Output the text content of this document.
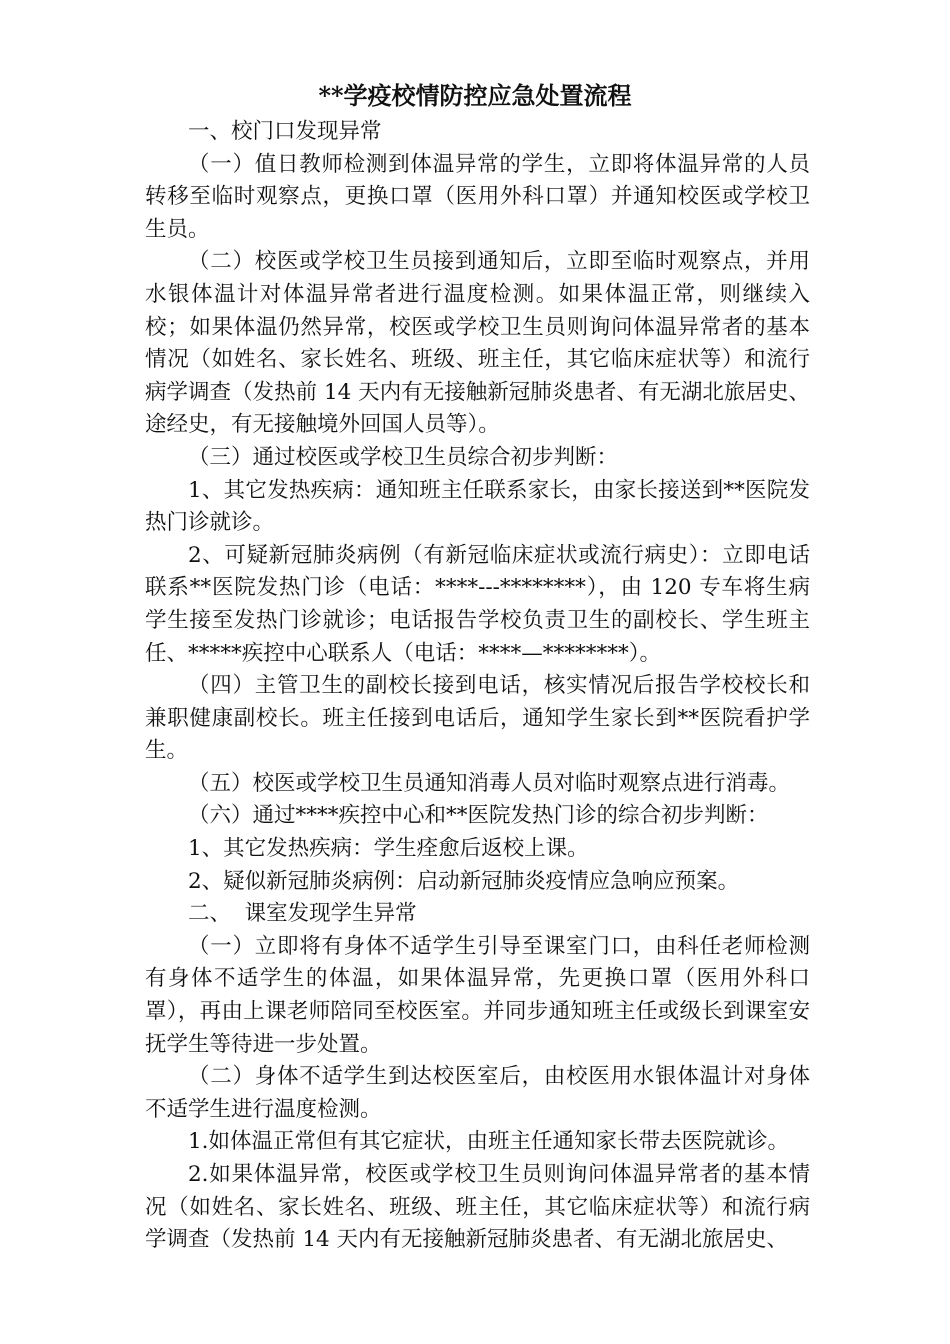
**学疫校情防控应急处置流程

一、校门口发现异常

（一）值日教师检测到体温异常的学生，立即将体温异常的人员转移至临时观察点，更换口罩（医用外科口罩）并通知校医或学校卫生员。

（二）校医或学校卫生员接到通知后，立即至临时观察点，并用水银体温计对体温异常者进行温度检测。如果体温正常，则继续入校；如果体温仍然异常，校医或学校卫生员则询问体温异常者的基本情况（如姓名、家长姓名、班级、班主任，其它临床症状等）和流行病学调查（发热前 14 天内有无接触新冠肺炎患者、有无湖北旅居史、途经史，有无接触境外回国人员等）。

（三）通过校医或学校卫生员综合初步判断：

1、其它发热疾病：通知班主任联系家长，由家长接送到**医院发热门诊就诊。

2、可疑新冠肺炎病例（有新冠临床症状或流行病史）：立即电话联系**医院发热门诊（电话：****---********），由 120 专车将生病学生接至发热门诊就诊；电话报告学校负责卫生的副校长、学生班主任、*****疾控中心联系人（电话：****—********）。

（四）主管卫生的副校长接到电话，核实情况后报告学校校长和兼职健康副校长。班主任接到电话后，通知学生家长到**医院看护学生。

（五）校医或学校卫生员通知消毒人员对临时观察点进行消毒。

（六）通过****疾控中心和**医院发热门诊的综合初步判断：

1、其它发热疾病：学生痊愈后返校上课。

2、疑似新冠肺炎病例：启动新冠肺炎疫情应急响应预案。

二、  课室发现学生异常

（一）立即将有身体不适学生引导至课室门口，由科任老师检测有身体不适学生的体温，如果体温异常，先更换口罩（医用外科口罩），再由上课老师陪同至校医室。并同步通知班主任或级长到课室安抚学生等待进一步处置。

（二）身体不适学生到达校医室后，由校医用水银体温计对身体不适学生进行温度检测。

1.如体温正常但有其它症状，由班主任通知家长带去医院就诊。

2.如果体温异常，校医或学校卫生员则询问体温异常者的基本情况（如姓名、家长姓名、班级、班主任，其它临床症状等）和流行病学调查（发热前 14 天内有无接触新冠肺炎患者、有无湖北旅居史、
